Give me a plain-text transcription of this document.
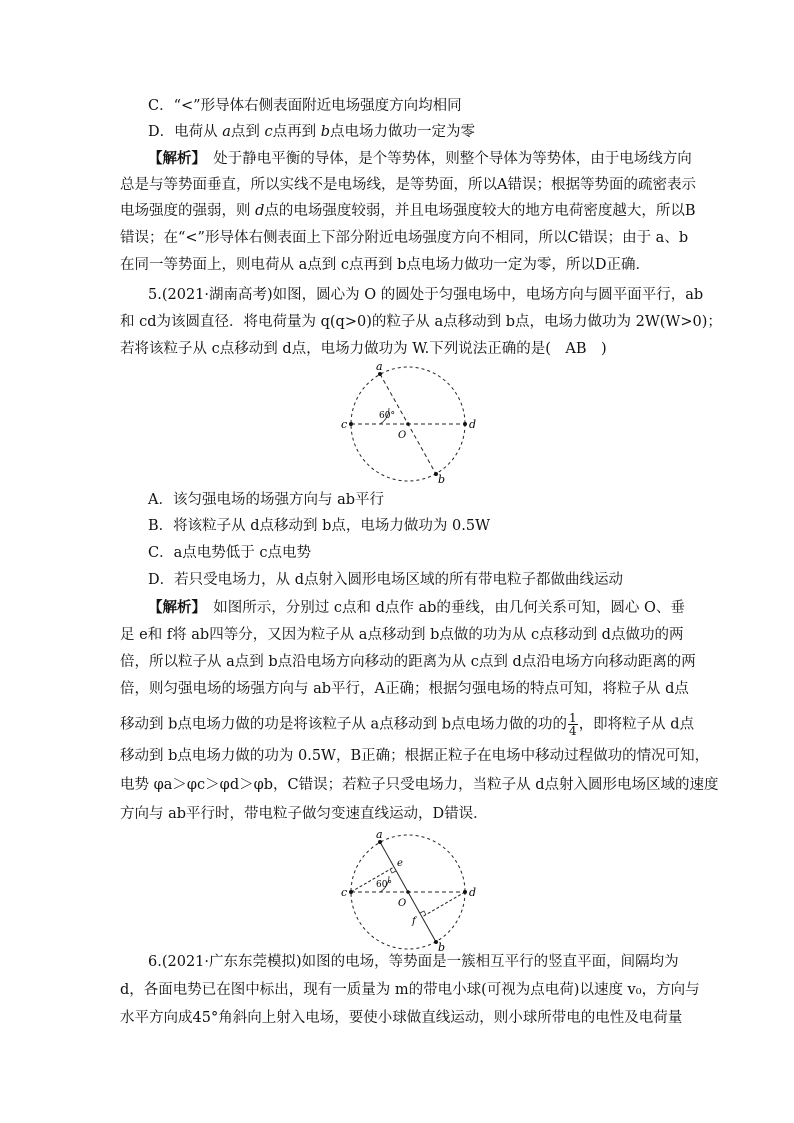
C．“<”形导体右侧表面附近电场强度方向均相同
D．电荷从 a点到 c点再到 b点电场力做功一定为零
【解析】　 处于静电平衡的导体，是个等势体，则整个导体为等势体，由于电场线方向
总是与等势面垂直，所以实线不是电场线，是等势面，所以A错误；根据等势面的疏密表示
电场强度的强弱，则 d点的电场强度较弱，并且电场强度较大的地方电荷密度越大，所以B
错误；在“<”形导体右侧表面上下部分附近电场强度方向不相同，所以C错误；由于 a、b
在同一等势面上，则电荷从 a点到 c点再到 b点电场力做功一定为零，所以D正确．
5.(2021·湖南高考)如图，圆心为 O 的圆处于匀强电场中，电场方向与圆平面平行，ab
和 cd为该圆直径．将电荷量为 q(q>0)的粒子从 a点移动到 b点，电场力做功为 2W(W>0)；
若将该粒子从 c点移动到 d点，电场力做功为 W.下列说法正确的是(　AB　)
a
b
c	d
O
60°
A．该匀强电场的场强方向与 ab平行
B．将该粒子从 d点移动到 b点，电场力做功为 0.5W
C．a点电势低于 c点电势
D．若只受电场力，从 d点射入圆形电场区域的所有带电粒子都做曲线运动
【解析】　 如图所示，分别过 c点和 d点作 ab的垂线，由几何关系可知，圆心 O、垂
足 e和 f将 ab四等分，又因为粒子从 a点移动到 b点做的功为从 c点移动到 d点做功的两
倍，所以粒子从 a点到 b点沿电场方向移动的距离为从 c点到 d点沿电场方向移动距离的两
倍，则匀强电场的场强方向与 ab平行，A正确；根据匀强电场的特点可知，将粒子从 d点
移动到 b点电场力做的功是将该粒子从 a点移动到 b点电场力做的功的 $\frac{1}{4}$ ，即将粒子从 d点
移动到 b点电场力做的功为 0.5W，B正确；根据正粒子在电场中移动过程做功的情况可知，
电势 φa＞φc＞φd＞φb，C错误；若粒子只受电场力，当粒子从 d点射入圆形电场区域的速度
方向与 ab平行时，带电粒子做匀变速直线运动，D错误．
a
b
c	d
O
e
f
60°
6.(2021·广东东莞模拟)如图的电场，等势面是一簇相互平行的竖直平面，间隔均为
d，各面电势已在图中标出，现有一质量为 m的带电小球(可视为点电荷)以速度 v₀，方向与
水平方向成45°角斜向上射入电场，要使小球做直线运动，则小球所带电的电性及电荷量
